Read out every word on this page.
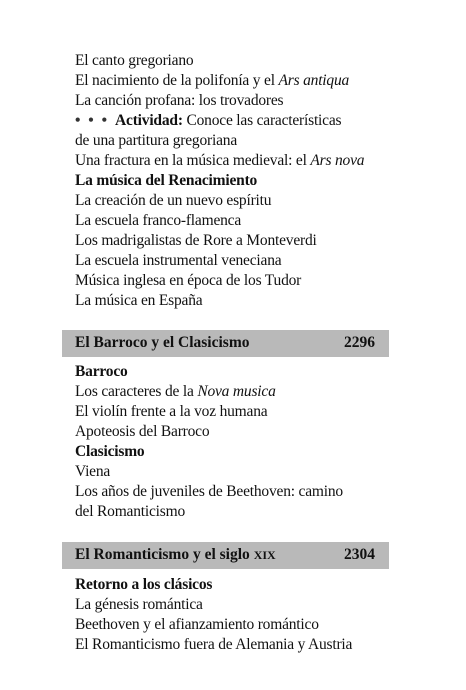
El canto gregoriano
El nacimiento de la polifonía y el Ars antiqua
La canción profana: los trovadores
• • • Actividad: Conoce las características
de una partitura gregoriana
Una fractura en la música medieval: el Ars nova
La música del Renacimiento
La creación de un nuevo espíritu
La escuela franco-flamenca
Los madrigalistas de Rore a Monteverdi
La escuela instrumental veneciana
Música inglesa en época de los Tudor
La música en España
El Barroco y el Clasicismo	2296
Barroco
Los caracteres de la Nova musica
El violín frente a la voz humana
Apoteosis del Barroco
Clasicismo
Viena
Los años de juveniles de Beethoven: camino
del Romanticismo
El Romanticismo y el siglo XIX	2304
Retorno a los clásicos
La génesis romántica
Beethoven y el afianzamiento romántico
El Romanticismo fuera de Alemania y Austria
